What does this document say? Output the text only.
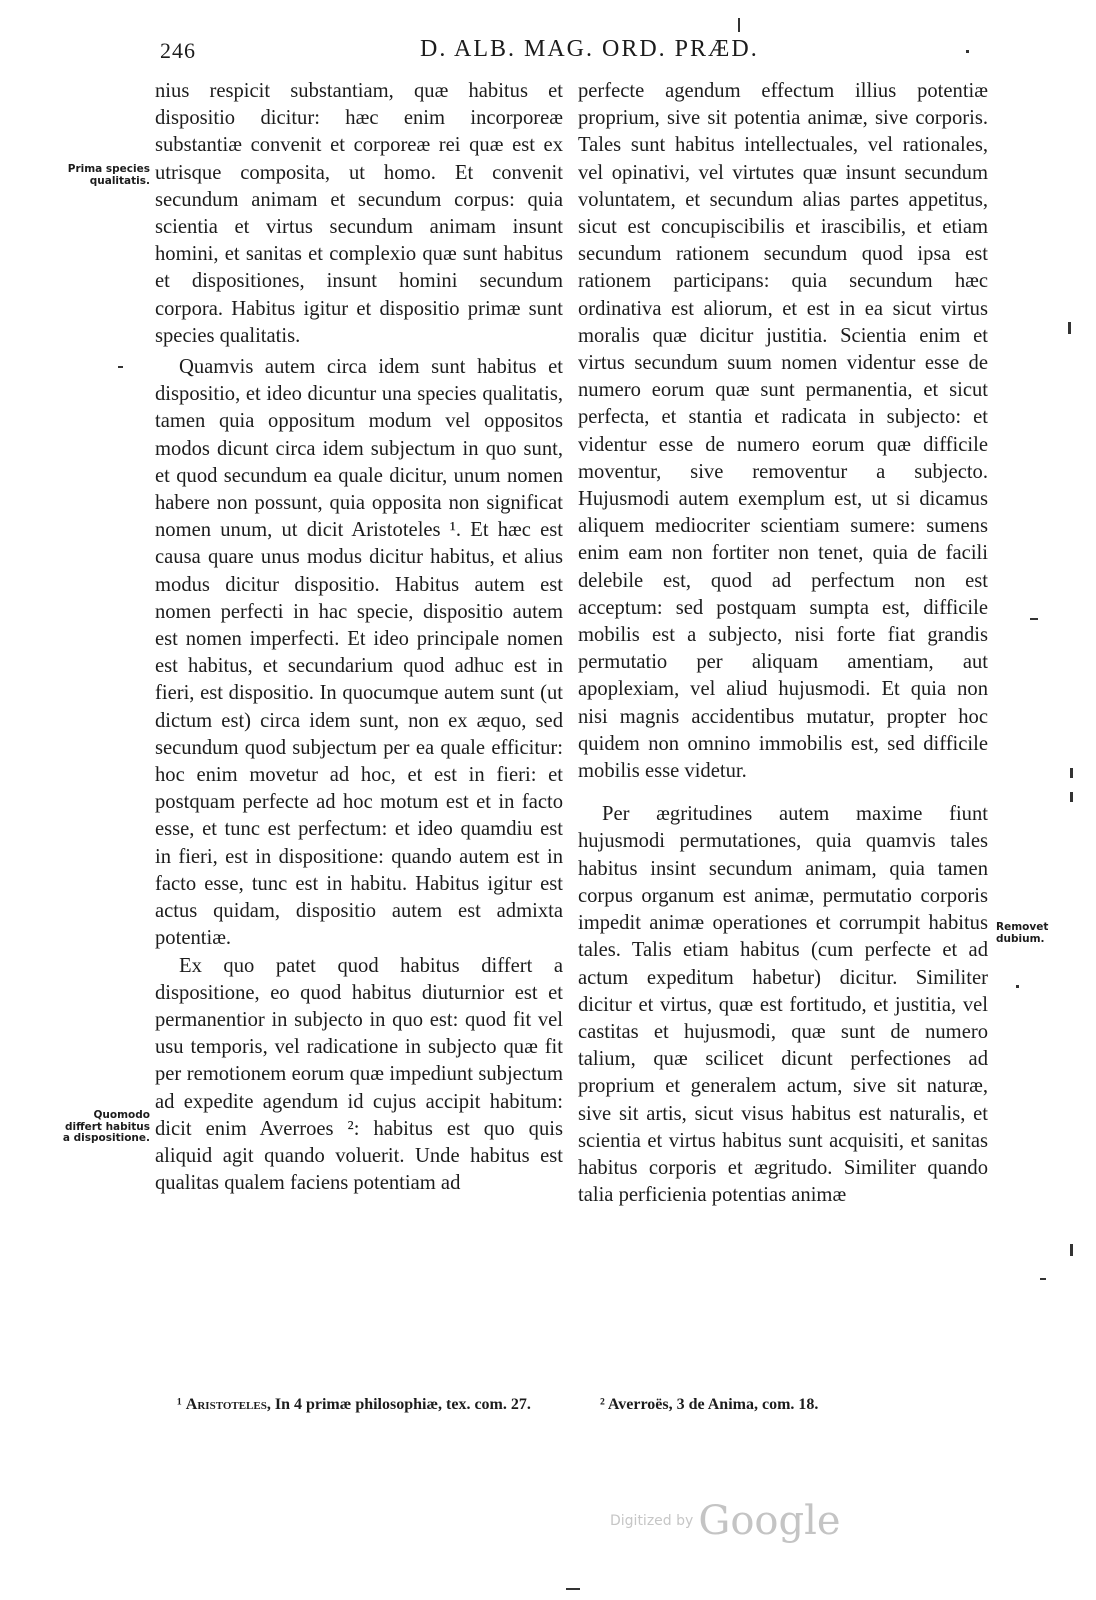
246	D. ALB. MAG. ORD. PRÆD.
Prima species qualitatis.
Quomodo differt habitus a dispositione.
Removet dubium.

nius respicit substantiam, quæ habitus et dispositio dicitur: hæc enim incorporeæ substantiæ convenit et corporeæ rei quæ est ex utrisque composita, ut homo. Et convenit secundum animam et secundum corpus: quia scientia et virtus secundum animam insunt homini, et sanitas et complexio quæ sunt habitus et dispositiones, insunt homini secundum corpora. Habitus igitur et dispositio primæ sunt species qualitatis.

Quamvis autem circa idem sunt habitus et dispositio, et ideo dicuntur una species qualitatis, tamen quia oppositum modum vel oppositos modos dicunt circa idem subjectum in quo sunt, et quod secundum ea quale dicitur, unum nomen habere non possunt, quia opposita non significat nomen unum, ut dicit Aristoteles ¹. Et hæc est causa quare unus modus dicitur habitus, et alius modus dicitur dispositio. Habitus autem est nomen perfecti in hac specie, dispositio autem est nomen imperfecti. Et ideo principale nomen est habitus, et secundarium quod adhuc est in fieri, est dispositio. In quocumque autem sunt (ut dictum est) circa idem sunt, non ex æquo, sed secundum quod subjectum per ea quale efficitur: hoc enim movetur ad hoc, et est in fieri: et postquam perfecte ad hoc motum est et in facto esse, et tunc est perfectum: et ideo quamdiu est in fieri, est in dispositione: quando autem est in facto esse, tunc est in habitu. Habitus igitur est actus quidam, dispositio autem est admixta potentiæ.

Ex quo patet quod habitus differt a dispositione, eo quod habitus diuturnior est et permanentior in subjecto in quo est: quod fit vel usu temporis, vel radicatione in subjecto quæ fit per remotionem eorum quæ impediunt subjectum ad expedite agendum id cujus accipit habitum: dicit enim Averroes ²: habitus est quo quis aliquid agit quando voluerit. Unde habitus est qualitas qualem faciens potentiam ad

perfecte agendum effectum illius potentiæ proprium, sive sit potentia animæ, sive corporis. Tales sunt habitus intellectuales, vel rationales, vel opinativi, vel virtutes quæ insunt secundum voluntatem, et secundum alias partes appetitus, sicut est concupiscibilis et irascibilis, et etiam secundum rationem secundum quod ipsa est rationem participans: quia secundum hæc ordinativa est aliorum, et est in ea sicut virtus moralis quæ dicitur justitia. Scientia enim et virtus secundum suum nomen videntur esse de numero eorum quæ sunt permanentia, et sicut perfecta, et stantia et radicata in subjecto: et videntur esse de numero eorum quæ difficile moventur, sive removentur a subjecto. Hujusmodi autem exemplum est, ut si dicamus aliquem mediocriter scientiam sumere: sumens enim eam non fortiter non tenet, quia de facili delebile est, quod ad perfectum non est acceptum: sed postquam sumpta est, difficile mobilis est a subjecto, nisi forte fiat grandis permutatio per aliquam amentiam, aut apoplexiam, vel aliud hujusmodi. Et quia non nisi magnis accidentibus mutatur, propter hoc quidem non omnino immobilis est, sed difficile mobilis esse videtur.

Per ægritudines autem maxime fiunt hujusmodi permutationes, quia quamvis tales habitus insint secundum animam, quia tamen corpus organum est animæ, permutatio corporis impedit animæ operationes et corrumpit habitus tales. Talis etiam habitus (cum perfecte et ad actum expeditum habetur) dicitur. Similiter dicitur et virtus, quæ est fortitudo, et justitia, vel castitas et hujusmodi, quæ sunt de numero talium, quæ scilicet dicunt perfectiones ad proprium et generalem actum, sive sit naturæ, sive sit artis, sicut visus habitus est naturalis, et scientia et virtus habitus sunt acquisiti, et sanitas habitus corporis et ægritudo. Similiter quando talia perficienia potentias animæ

¹ Aristoteles, In 4 primæ philosophiæ, tex. com. 27.	² Averroës, 3 de Anima, com. 18.
Digitized by Google
